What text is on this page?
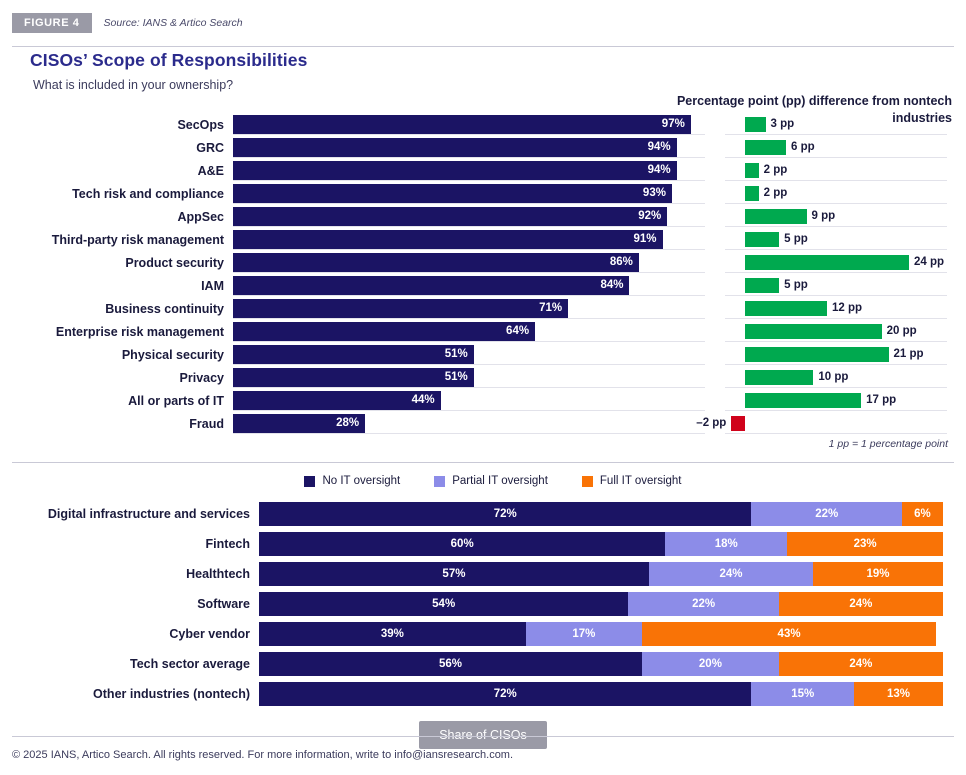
FIGURE 4	Source: IANS & Artico Search
CISOs’ Scope of Responsibilities
What is included in your ownership?
Percentage point (pp) difference from nontech industries
SecOps	97%	3 pp
GRC	94%	6 pp
A&E	94%	2 pp
Tech risk and compliance	93%	2 pp
AppSec	92%	9 pp
Third-party risk management	91%	5 pp
Product security	86%	24 pp
IAM	84%	5 pp
Business continuity	71%	12 pp
Enterprise risk management	64%	20 pp
Physical security	51%	21 pp
Privacy	51%	10 pp
All or parts of IT	44%	17 pp
Fraud	28%	–2 pp
1 pp = 1 percentage point
No IT oversight	Partial IT oversight	Full IT oversight
Digital infrastructure and services	72%	22%	6%
Fintech	60%	18%	23%
Healthtech	57%	24%	19%
Software	54%	22%	24%
Cyber vendor	39%	17%	43%
Tech sector average	56%	20%	24%
Other industries (nontech)	72%	15%	13%
Share of CISOs
© 2025 IANS, Artico Search. All rights reserved. For more information, write to info@iansresearch.com.
